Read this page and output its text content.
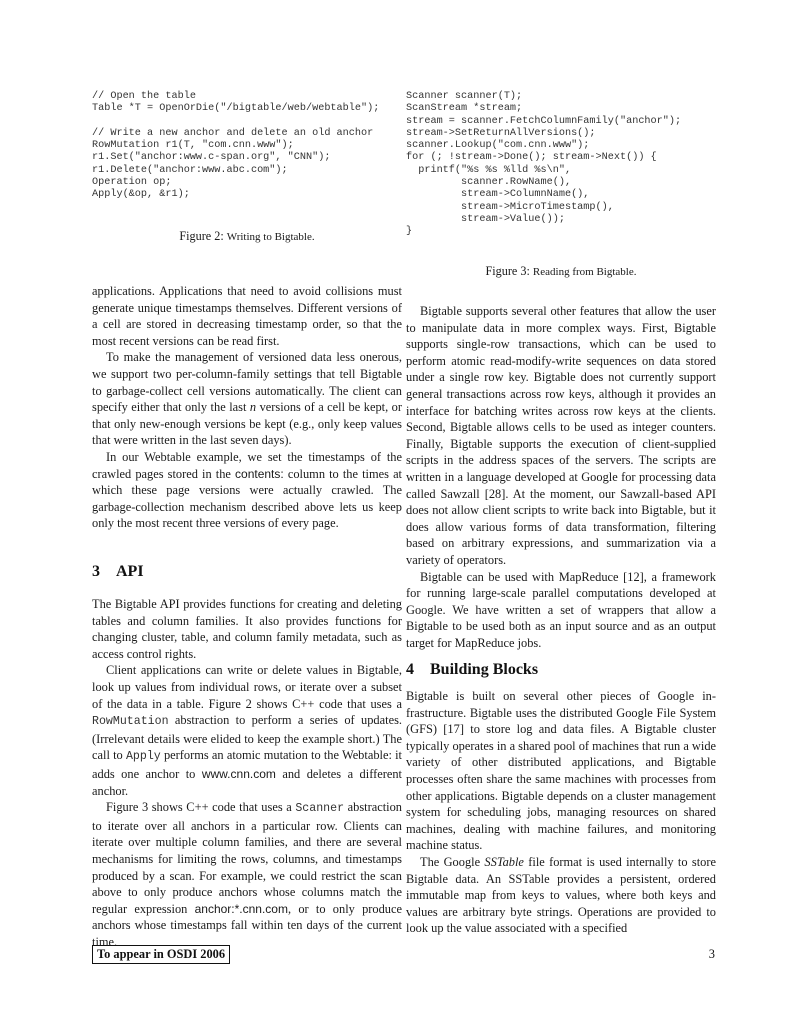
// Open the table
Table *T = OpenOrDie("/bigtable/web/webtable");

// Write a new anchor and delete an old anchor
RowMutation r1(T, "com.cnn.www");
r1.Set("anchor:www.c-span.org", "CNN");
r1.Delete("anchor:www.abc.com");
Operation op;
Apply(&op, &r1);
Scanner scanner(T);
ScanStream *stream;
stream = scanner.FetchColumnFamily("anchor");
stream->SetReturnAllVersions();
scanner.Lookup("com.cnn.www");
for (; !stream->Done(); stream->Next()) {
printf("%s %s %lld %s\n",
scanner.RowName(),
stream->ColumnName(),
stream->MicroTimestamp(),
stream->Value());
}
Figure 2: Writing to Bigtable.
Figure 3: Reading from Bigtable.

applications. Applications that need to avoid collisions must generate unique timestamps themselves. Different versions of a cell are stored in decreasing timestamp order, so that the most recent versions can be read first.

To make the management of versioned data less onerous, we support two per-column-family settings that tell Bigtable to garbage-collect cell versions automatically. The client can specify either that only the last n versions of a cell be kept, or that only new-enough versions be kept (e.g., only keep values that were written in the last seven days).

In our Webtable example, we set the timestamps of the crawled pages stored in the contents: column to the times at which these page versions were actually crawled. The garbage-collection mechanism described above lets us keep only the most recent three versions of every page.

3 API

The Bigtable API provides functions for creating and deleting tables and column families. It also provides functions for changing cluster, table, and column family metadata, such as access control rights.

Client applications can write or delete values in Bigtable, look up values from individual rows, or iterate over a subset of the data in a table. Figure 2 shows C++ code that uses a RowMutation abstraction to perform a series of updates. (Irrelevant details were elided to keep the example short.) The call to Apply performs an atomic mutation to the Webtable: it adds one anchor to www.cnn.com and deletes a different anchor.

Figure 3 shows C++ code that uses a Scanner abstraction to iterate over all anchors in a particular row. Clients can iterate over multiple column families, and there are several mechanisms for limiting the rows, columns, and timestamps produced by a scan. For example, we could restrict the scan above to only produce anchors whose columns match the regular expression anchor:*.cnn.com, or to only produce anchors whose timestamps fall within ten days of the current time.

Bigtable supports several other features that allow the user to manipulate data in more complex ways. First, Bigtable supports single-row transactions, which can be used to perform atomic read-modify-write sequences on data stored under a single row key. Bigtable does not currently support general transactions across row keys, although it provides an interface for batching writes across row keys at the clients. Second, Bigtable allows cells to be used as integer counters. Finally, Bigtable supports the execution of client-supplied scripts in the address spaces of the servers. The scripts are written in a language developed at Google for processing data called Sawzall [28]. At the moment, our Sawzall-based API does not allow client scripts to write back into Bigtable, but it does allow various forms of data transformation, filtering based on arbitrary expressions, and summarization via a variety of operators.

Bigtable can be used with MapReduce [12], a framework for running large-scale parallel computations developed at Google. We have written a set of wrappers that allow a Bigtable to be used both as an input source and as an output target for MapReduce jobs.

4 Building Blocks

Bigtable is built on several other pieces of Google infrastructure. Bigtable uses the distributed Google File System (GFS) [17] to store log and data files. A Bigtable cluster typically operates in a shared pool of machines that run a wide variety of other distributed applications, and Bigtable processes often share the same machines with processes from other applications. Bigtable depends on a cluster management system for scheduling jobs, managing resources on shared machines, dealing with machine failures, and monitoring machine status.

The Google SSTable file format is used internally to store Bigtable data. An SSTable provides a persistent, ordered immutable map from keys to values, where both keys and values are arbitrary byte strings. Operations are provided to look up the value associated with a specified

To appear in OSDI 2006	3
